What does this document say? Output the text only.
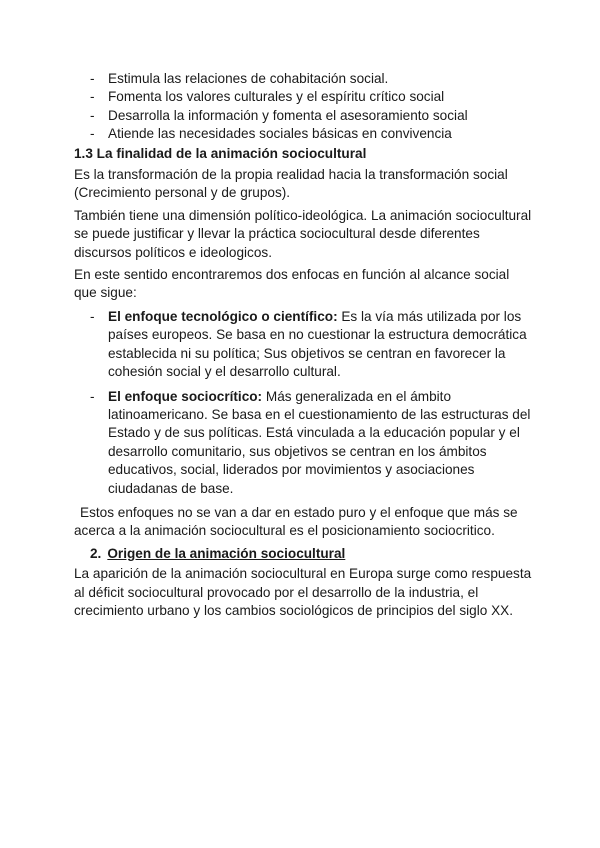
- Estimula las relaciones de cohabitación social.
- Fomenta los valores culturales y el espíritu crítico social
- Desarrolla la información y fomenta el asesoramiento social
- Atiende las necesidades sociales básicas en convivencia
1.3 La finalidad de la animación sociocultural

Es la transformación de la propia realidad hacia la transformación social (Crecimiento personal y de grupos).

También tiene una dimensión político-ideológica. La animación sociocultural se puede justificar y llevar la práctica sociocultural desde diferentes discursos políticos e ideologicos.

En este sentido encontraremos dos enfocas en función al alcance social que sigue:

- El enfoque tecnológico o científico: Es la vía más utilizada por los países europeos. Se basa en no cuestionar la estructura democrática establecida ni su política; Sus objetivos se centran en favorecer la cohesión social y el desarrollo cultural.
- El enfoque sociocrítico: Más generalizada en el ámbito latinoamericano. Se basa en el cuestionamiento de las estructuras del Estado y de sus políticas. Está vinculada a la educación popular y el desarrollo comunitario, sus objetivos se centran en los ámbitos educativos, social, liderados por movimientos y asociaciones ciudadanas de base.

Estos enfoques no se van a dar en estado puro y el enfoque que más se acerca a la animación sociocultural es el posicionamiento sociocritico.

2. Origen de la animación sociocultural

La aparición de la animación sociocultural en Europa surge como respuesta al déficit sociocultural provocado por el desarrollo de la industria, el crecimiento urbano y los cambios sociológicos de principios del siglo XX.
